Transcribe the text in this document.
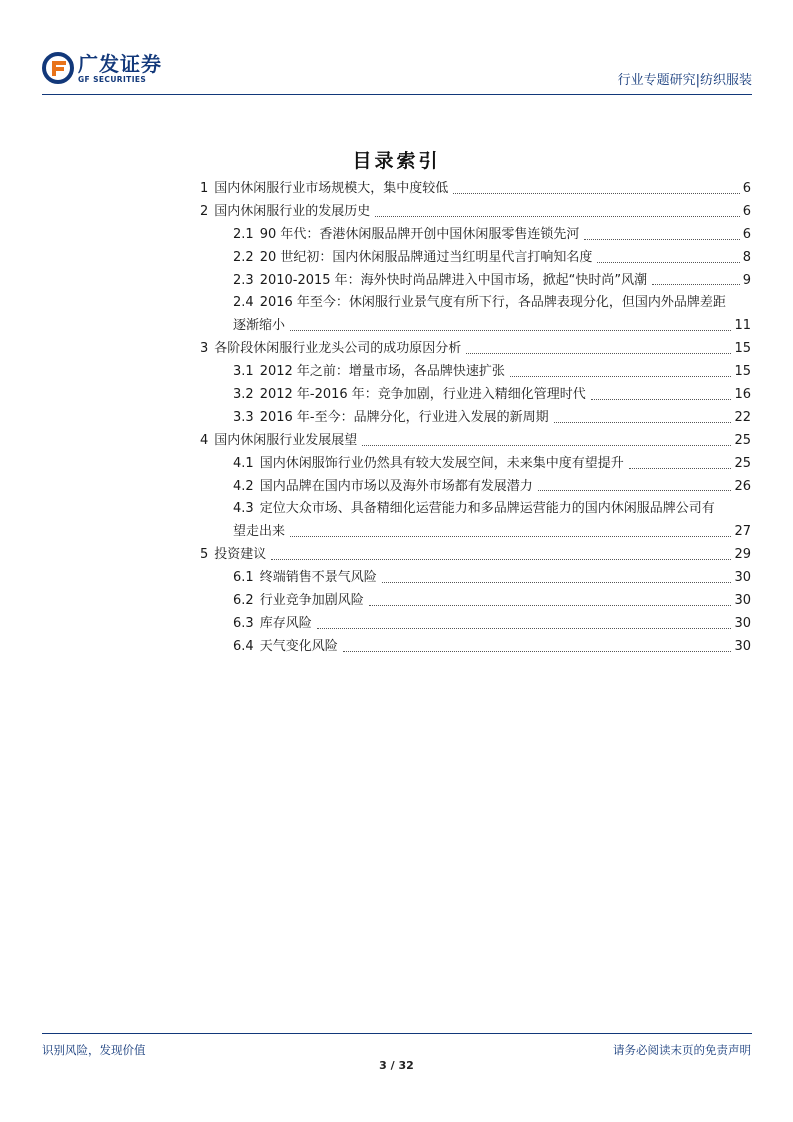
广发证券
GF SECURITIES	行业专题研究|纺织服装
目录索引
1 国内休闲服行业市场规模大，集中度较低	6
2 国内休闲服行业的发展历史	6
2.1 90 年代：香港休闲服品牌开创中国休闲服零售连锁先河	6
2.2 20 世纪初：国内休闲服品牌通过当红明星代言打响知名度	8
2.3 2010-2015 年：海外快时尚品牌进入中国市场，掀起“快时尚”风潮	9
2.4 2016 年至今：休闲服行业景气度有所下行，各品牌表现分化，但国内外品牌差距
逐渐缩小	11
3 各阶段休闲服行业龙头公司的成功原因分析	15
3.1 2012 年之前：增量市场，各品牌快速扩张	15
3.2 2012 年-2016 年：竞争加剧，行业进入精细化管理时代	16
3.3 2016 年-至今：品牌分化，行业进入发展的新周期	22
4 国内休闲服行业发展展望	25
4.1 国内休闲服饰行业仍然具有较大发展空间，未来集中度有望提升	25
4.2 国内品牌在国内市场以及海外市场都有发展潜力	26
4.3 定位大众市场、具备精细化运营能力和多品牌运营能力的国内休闲服品牌公司有
望走出来	27
5 投资建议	29
6.1 终端销售不景气风险	30
6.2 行业竞争加剧风险	30
6.3 库存风险	30
6.4 天气变化风险	30
识别风险，发现价值	请务必阅读末页的免责声明
3 / 32
